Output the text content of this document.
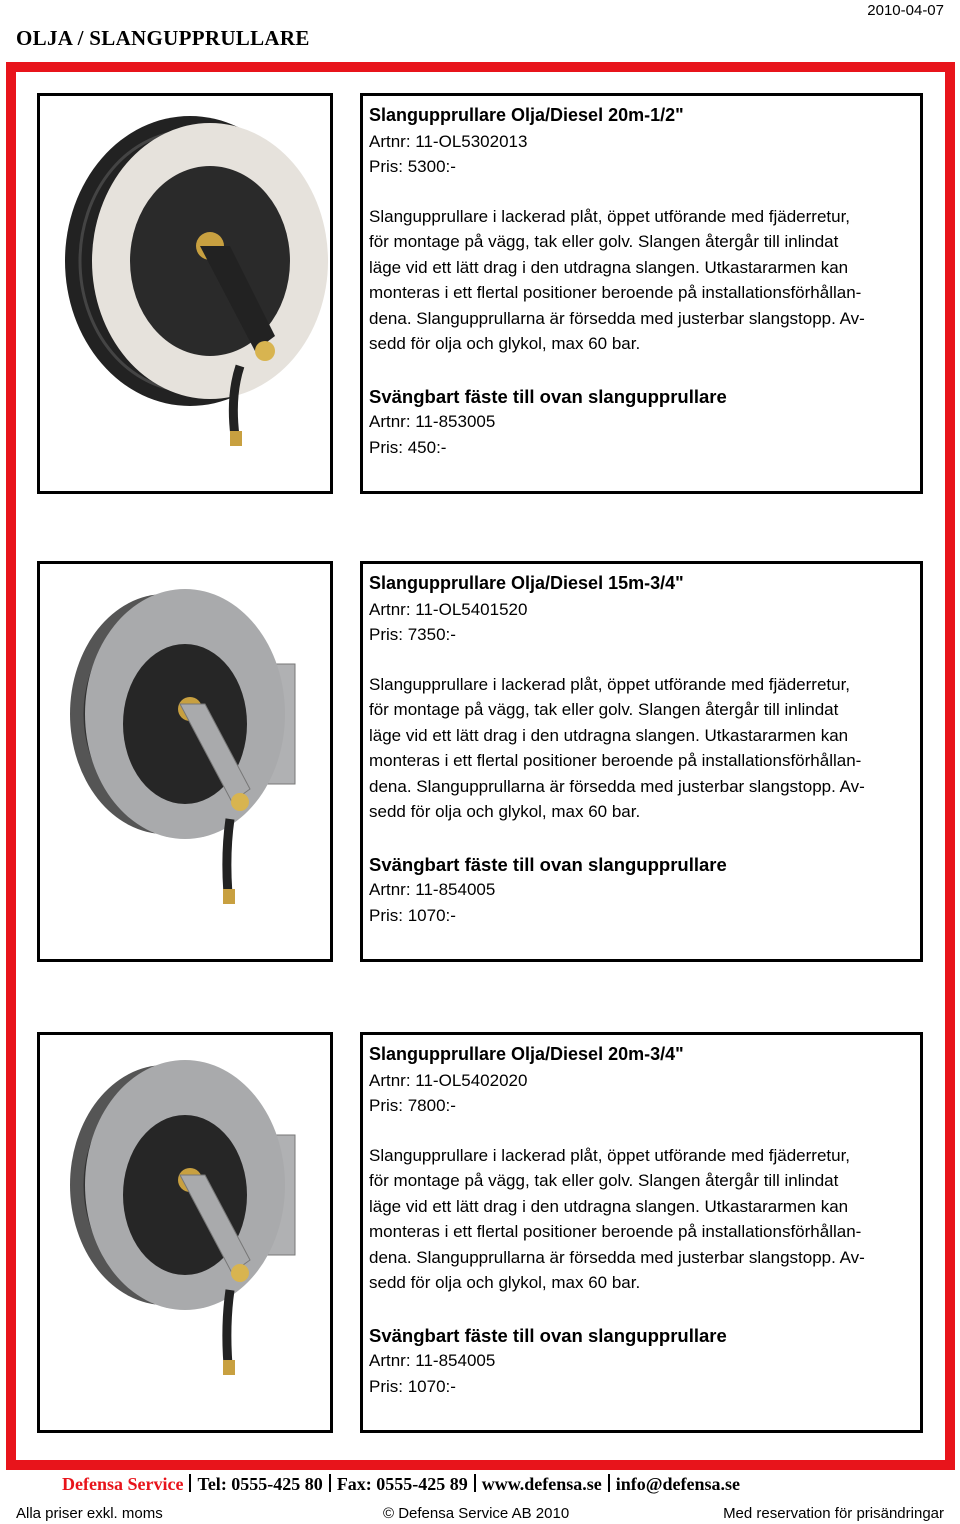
2010-04-07
OLJA / SLANGUPPRULLARE
Slangupprullare Olja/Diesel 20m-1/2"
Artnr: 11-OL5302013
Pris: 5300:-
Slangupprullare i lackerad plåt, öppet utförande med fjäderretur,
för montage på vägg, tak eller golv. Slangen återgår till inlindat
läge vid ett lätt drag i den utdragna slangen. Utkastararmen kan
monteras i ett flertal positioner beroende på installationsförhållan-
dena. Slangupprullarna är försedda med justerbar slangstopp. Av-
sedd för olja och glykol, max 60 bar.
Svängbart fäste till ovan slangupprullare
Artnr: 11-853005
Pris: 450:-
Slangupprullare Olja/Diesel 15m-3/4"
Artnr: 11-OL5401520
Pris: 7350:-
Slangupprullare i lackerad plåt, öppet utförande med fjäderretur,
för montage på vägg, tak eller golv. Slangen återgår till inlindat
läge vid ett lätt drag i den utdragna slangen. Utkastararmen kan
monteras i ett flertal positioner beroende på installationsförhållan-
dena. Slangupprullarna är försedda med justerbar slangstopp. Av-
sedd för olja och glykol, max 60 bar.
Svängbart fäste till ovan slangupprullare
Artnr: 11-854005
Pris: 1070:-
Slangupprullare Olja/Diesel 20m-3/4"
Artnr: 11-OL5402020
Pris: 7800:-
Slangupprullare i lackerad plåt, öppet utförande med fjäderretur,
för montage på vägg, tak eller golv. Slangen återgår till inlindat
läge vid ett lätt drag i den utdragna slangen. Utkastararmen kan
monteras i ett flertal positioner beroende på installationsförhållan-
dena. Slangupprullarna är försedda med justerbar slangstopp. Av-
sedd för olja och glykol, max 60 bar.
Svängbart fäste till ovan slangupprullare
Artnr: 11-854005
Pris: 1070:-
Defensa Service Tel: 0555-425 80 Fax: 0555-425 89 www.defensa.se info@defensa.se
Alla priser exkl. moms	© Defensa Service AB 2010	Med reservation för prisändringar
